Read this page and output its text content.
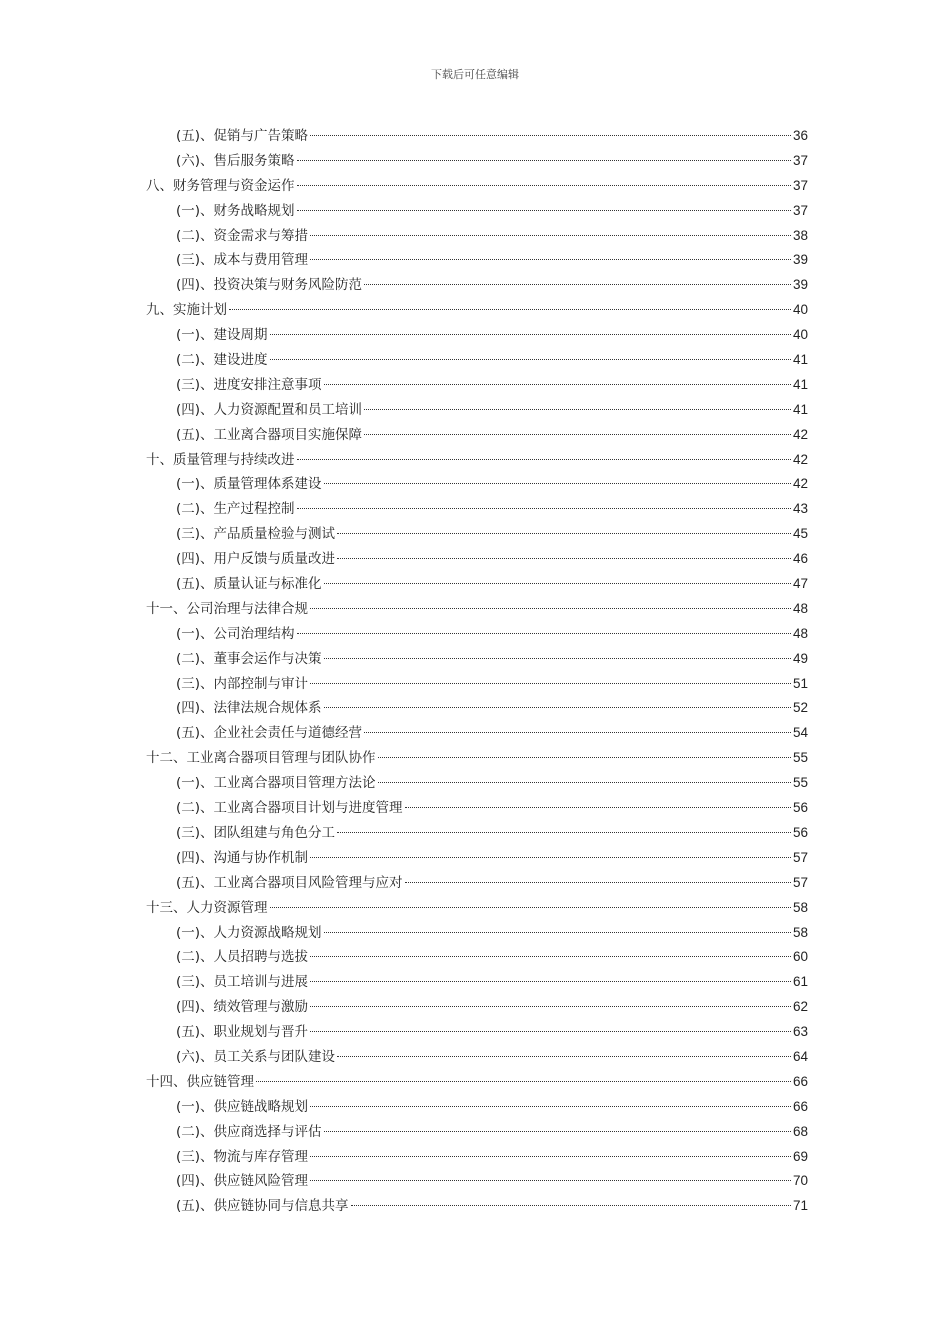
下载后可任意编辑
(五)、促销与广告策略	36
(六)、售后服务策略	37
八、财务管理与资金运作	37
(一)、财务战略规划	37
(二)、资金需求与筹措	38
(三)、成本与费用管理	39
(四)、投资决策与财务风险防范	39
九、实施计划	40
(一)、建设周期	40
(二)、建设进度	41
(三)、进度安排注意事项	41
(四)、人力资源配置和员工培训	41
(五)、工业离合器项目实施保障	42
十、质量管理与持续改进	42
(一)、质量管理体系建设	42
(二)、生产过程控制	43
(三)、产品质量检验与测试	45
(四)、用户反馈与质量改进	46
(五)、质量认证与标准化	47
十一、公司治理与法律合规	48
(一)、公司治理结构	48
(二)、董事会运作与决策	49
(三)、内部控制与审计	51
(四)、法律法规合规体系	52
(五)、企业社会责任与道德经营	54
十二、工业离合器项目管理与团队协作	55
(一)、工业离合器项目管理方法论	55
(二)、工业离合器项目计划与进度管理	56
(三)、团队组建与角色分工	56
(四)、沟通与协作机制	57
(五)、工业离合器项目风险管理与应对	57
十三、人力资源管理	58
(一)、人力资源战略规划	58
(二)、人员招聘与选拔	60
(三)、员工培训与进展	61
(四)、绩效管理与激励	62
(五)、职业规划与晋升	63
(六)、员工关系与团队建设	64
十四、供应链管理	66
(一)、供应链战略规划	66
(二)、供应商选择与评估	68
(三)、物流与库存管理	69
(四)、供应链风险管理	70
(五)、供应链协同与信息共享	71
